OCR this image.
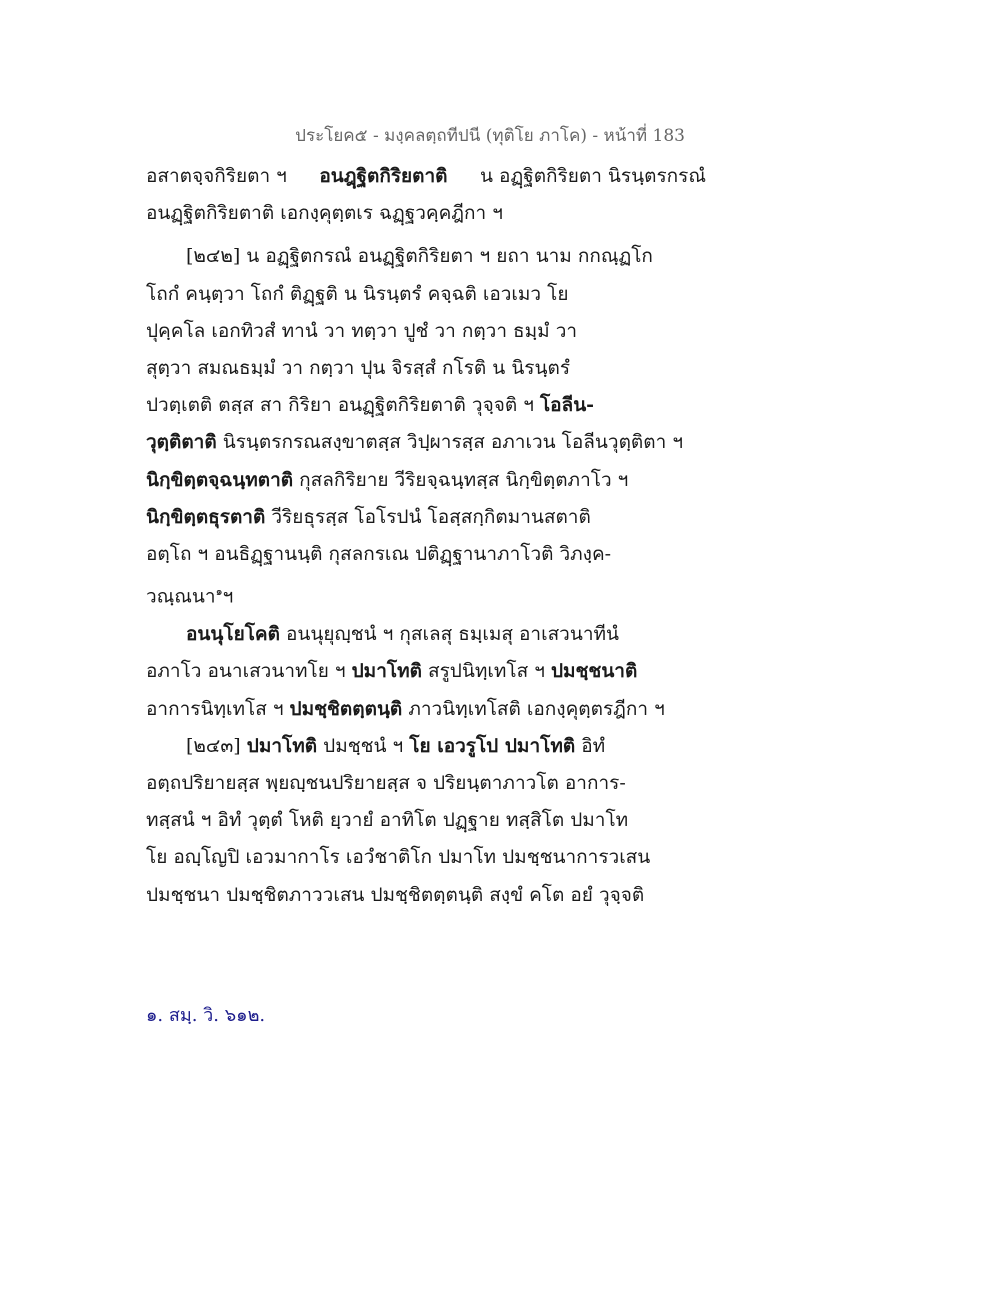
ประโยค๕ - มงฺคลตฺถทีปนี (ทุติโย ภาโค) - หน้าที่ 183
อสาตจฺจกิริยตา ฯ อนฎฺฐิตกิริยตาติ น อฏฺฐิตกิริยตา นิรนฺตรกรณํ
อนฏฺฐิตกิริยตาติ เอกงฺคุตฺตเร ฉฏฺฐวคฺคฎีกา ฯ
[๒๔๒] น อฏฺฐิตกรณํ อนฏฺฐิตกิริยตา ฯ ยถา นาม กกณฺฏโก
โถกํ คนฺตฺวา โถกํ ติฏฺฐติ น นิรนฺตรํ คจฺฉติ เอวเมว โย
ปุคฺคโล เอกทิวสํ ทานํ วา ทตฺวา ปูชํ วา กตฺวา ธมฺมํ วา
สุตฺวา สมณธมฺมํ วา กตฺวา ปุน จิรสฺสํ กโรติ น นิรนฺตรํ
ปวตฺเตติ ตสฺส สา กิริยา อนฏฺฐิตกิริยตาติ วุจฺจติ ฯ โอลีน-
วุตฺติตาติ นิรนฺตรกรณสงฺขาตสฺส วิปฺผารสฺส อภาเวน โอลีนวุตฺติตา ฯ
นิกฺขิตฺตจฺฉนฺทตาติ กุสลกิริยาย วีริยจฺฉนฺทสฺส นิกฺขิตฺตภาโว ฯ
นิกฺขิตฺตธุรตาติ วีริยธุรสฺส โอโรปนํ โอสฺสกฺกิตมานสตาติ
อตฺโถ ฯ อนธิฏฺฐานนฺติ กุสลกรเณ ปติฏฺฐานาภาโวติ วิภงฺค-
วณฺณนา$^๑$ฯ
อนนุโยโคติ อนนุยุญฺชนํ ฯ กุสเลสุ ธมฺเมสุ อาเสวนาทีนํ
อภาโว อนาเสวนาทโย ฯ ปมาโทติ สรูปนิทฺเทโส ฯ ปมชฺชนาติ
อาการนิทฺเทโส ฯ ปมชฺชิตตฺตนฺติ ภาวนิทฺเทโสติ เอกงฺคุตฺตรฎีกา ฯ
[๒๔๓] ปมาโทติ ปมชฺชนํ ฯ โย เอวรูโป ปมาโทติ อิทํ
อตฺถปริยายสฺส พฺยญฺชนปริยายสฺส จ ปริยนฺตาภาวโต อาการ-
ทสฺสนํ ฯ อิทํ วุตฺตํ โหติ ยฺวายํ อาทิโต ปฏฺฐาย ทสฺสิโต ปมาโท
โย อญฺโญปิ เอวมากาโร เอวํชาติโก ปมาโท ปมชฺชนาการวเสน
ปมชฺชนา ปมชฺชิตภาววเสน ปมชฺชิตตฺตนฺติ สงฺขํ คโต อยํ วุจฺจติ
๑. สมฺ. วิ. ๖๑๒.
